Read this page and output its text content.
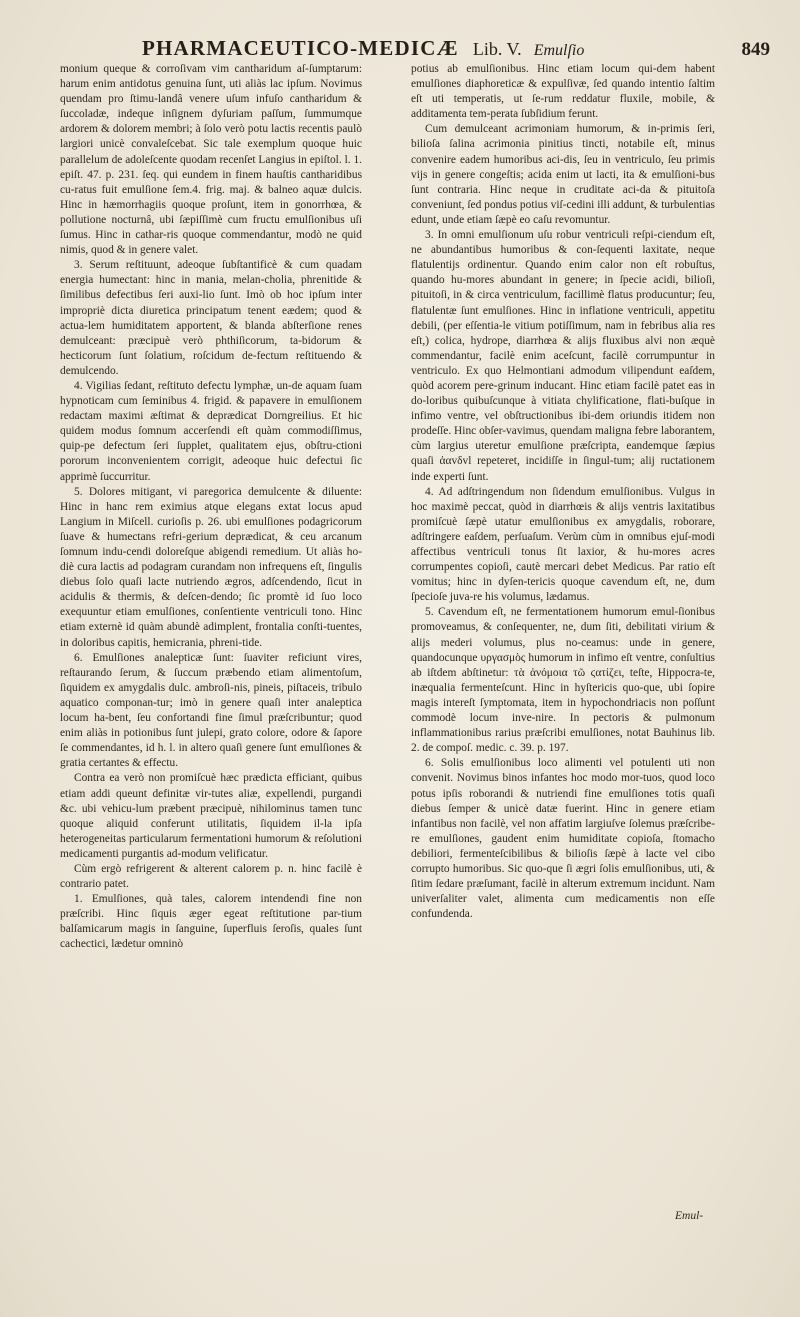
PHARMACEUTICO-MEDICÆ Lib. V. Emulſio	849

monium queque & corroſivam vim cantharidum aſ-ſumptarum: harum enim antidotus genuina ſunt, uti aliàs lac ipſum. Novimus quendam pro ſtimu-landâ venere uſum infuſo cantharidum & ſuccoladæ, indeque inſignem dyſuriam paſſum, ſummumque ardorem & dolorem membri; à ſolo verò potu lactis recentis paulò largiori unicè convaleſcebat. Sic tale exemplum quoque huic parallelum de adoleſcente quodam recenſet Langius in epiſtol. l. 1. epiſt. 47. p. 231. ſeq. qui eundem in finem hauſtis cantharidibus cu-ratus fuit emulſione ſem.4. frig. maj. & balneo aquæ dulcis. Hinc in hæmorrhagiis quoque proſunt, item in gonorrhœa, & pollutione nocturnâ, ubi ſæpiſſimè cum fructu emulſionibus uſi ſumus. Hinc in cathar-ris quoque commendantur, modò ne quid nimis, quod & in genere valet.

3. Serum reſtituunt, adeoque ſubſtantificè & cum quadam energia humectant: hinc in mania, melan-cholia, phrenitide & ſimilibus defectibus ſeri auxi-lio ſunt. Imò ob hoc ipſum inter impropriè dicta diuretica principatum tenent eædem; quod & actua-lem humiditatem apportent, & blanda abſterſione renes demulceant: præcipuè verò phthiſicorum, ta-bidorum & hecticorum ſunt ſolatium, roſcidum de-fectum reſtituendo & demulcendo.

4. Vigilias ſedant, reſtituto defectu lymphæ, un-de aquam ſuam hypnoticam cum ſeminibus 4. frigid. & papavere in emulſionem redactam maximi æſtimat & deprædicat Dorngreilius. Et hic quidem modus ſomnum accerſendi eſt quàm commodiſſimus, quip-pe defectum ſeri ſupplet, qualitatem ejus, obſtru-ctioni pororum inconvenientem corrigit, adeoque huic defectui ſic apprimè ſuccurritur.

5. Dolores mitigant, vi paregorica demulcente & diluente: Hinc in hanc rem eximius atque elegans extat locus apud Langium in Miſcell. curioſis p. 26. ubi emulſiones podagricorum ſuave & humectans refri-gerium deprædicat, & ceu arcanum ſomnum indu-cendi doloreſque abigendi remedium. Ut aliàs ho-diè cura lactis ad podagram curandam non infrequens eſt, ſingulis diebus ſolo quaſi lacte nutriendo ægros, adſcendendo, ſicut in acidulis & thermis, & deſcen-dendo; ſic promtè id ſuo loco exequuntur etiam emulſiones, conſentiente ventriculi tono. Hinc etiam externè id quàm abundè adimplent, frontalia conſti-tuentes, in doloribus capitis, hemicrania, phreni-tide.

6. Emulſiones analepticæ ſunt: ſuaviter reficiunt vires, reſtaurando ſerum, & ſuccum præbendo etiam alimentoſum, ſiquidem ex amygdalis dulc. ambroſi-nis, pineis, piſtaceis, tribulo aquatico componan-tur; imò in genere quaſi inter analeptica locum ha-bent, ſeu confortandi fine ſimul præſcribuntur; quod enim aliàs in potionibus ſunt julepi, grato colore, odore & ſapore ſe commendantes, id h. l. in altero quaſi genere ſunt emulſiones & gratia certantes & effectu.

Contra ea verò non promiſcuè hæc prædicta efficiant, quibus etiam addi queunt definitæ vir-tutes aliæ, expellendi, purgandi &c. ubi vehicu-lum præbent præcipuè, nihilominus tamen tunc quoque aliquid conferunt utilitatis, ſiquidem il-la ipſa heterogeneitas particularum fermentationi humorum & reſolutioni medicamenti purgantis ad-modum velificatur.

Cùm ergò refrigerent & alterent calorem p. n. hinc facilè è contrario patet.

1. Emulſiones, quà tales, calorem intendendi fine non præſcribi. Hinc ſiquis æger egeat reſtitutione par-tium balſamicarum magis in ſanguine, ſuperfluis ſeroſis, quales ſunt cachectici, lædetur omninò

potius ab emulſionibus. Hinc etiam locum qui-dem habent emulſiones diaphoreticæ & expulſivæ, ſed quando intentio ſaltim eſt uti temperatis, ut ſe-rum reddatur fluxile, mobile, & additamenta tem-perata ſubſidium ferunt.

Cum demulceant acrimoniam humorum, & in-primis ſeri, bilioſa ſalina acrimonia pinitius tincti, notabile eſt, minus convenire eadem humoribus aci-dis, ſeu in ventriculo, ſeu primis vijs in genere congeſtis; acida enim ut lacti, ita & emulſioni-bus ſunt contraria. Hinc neque in cruditate aci-da & pituitoſa conveniunt, ſed pondus potius viſ-cedini illi addunt, & turbulentias edunt, unde etiam ſæpè eo caſu revomuntur.

3. In omni emulſionum uſu robur ventriculi reſpi-ciendum eſt, ne abundantibus humoribus & con-ſequenti laxitate, neque flatulentijs ordinentur. Quando enim calor non eſt robuſtus, quando hu-mores abundant in genere; in ſpecie acidi, bilioſi, pituitoſi, in & circa ventriculum, facillimè flatus producuntur; ſeu, flatulentæ ſunt emulſiones. Hinc in inflatione ventriculi, appetitu debili, (per eſſentia-le vitium potiſſimum, nam in febribus alia res eſt,) colica, hydrope, diarrhœa & alijs fluxibus alvi non æquè commendantur, facilè enim aceſcunt, facilè corrumpuntur in ventriculo. Ex quo Helmontiani admodum vilipendunt eaſdem, quòd acorem pere-grinum inducant. Hinc etiam facilè patet eas in do-loribus quibuſcunque à vitiata chylificatione, flati-buſque in infimo ventre, vel obſtructionibus ibi-dem oriundis itidem non prodeſſe. Hinc obſer-vavimus, quendam maligna febre laborantem, cùm largius uteretur emulſione præſcripta, eandemque ſæpius quaſi ἀαvδvl repeteret, incidiſſe in ſingul-tum; alij ructationem inde experti ſunt.

4. Ad adſtringendum non ſidendum emulſionibus. Vulgus in hoc maximè peccat, quòd in diarrhœis & alijs ventris laxitatibus promiſcuè ſæpè utatur emulſionibus ex amygdalis, roborare, adſtringere eaſdem, perſuaſum. Verùm cùm in omnibus ejuſ-modi affectibus ventriculi tonus ſit laxior, & hu-mores acres corrumpentes copioſi, cautè mercari debet Medicus. Par ratio eſt vomitus; hinc in dyſen-tericis quoque cavendum eſt, ne, dum ſpecioſe juva-re his volumus, lædamus.

5. Cavendum eſt, ne fermentationem humorum emul-ſionibus promoveamus, & conſequenter, ne, dum ſiti, debilitati virium & alijs mederi volumus, plus no-ceamus: unde in genere, quandocunque υργασμὸς humorum in infimo eſt ventre, conſultius ab iſtdem abſtinetur: τὰ ἀνόμοια τῶ ϛατίζει, teſte, Hippocra-te, inæqualia fermenteſcunt. Hinc in hyſtericis quo-que, ubi ſopire magis intereſt ſymptomata, item in hypochondriacis non poſſunt commodè locum inve-nire. In pectoris & pulmonum inflammationibus rarius præſcribi emulſiones, notat Bauhinus lib. 2. de compoſ. medic. c. 39. p. 197.

6. Solis emulſionibus loco alimenti vel potulenti uti non convenit. Novimus binos infantes hoc modo mor-tuos, quod loco potus ipſis roborandi & nutriendi fine emulſiones totis quaſi diebus ſemper & unicè datæ fuerint. Hinc in genere etiam infantibus non facilè, vel non affatim largiuſve ſolemus præſcribe-re emulſiones, gaudent enim humiditate copioſa, ſtomacho debiliori, fermenteſcibilibus & bilioſis ſæpè à lacte vel cibo corrupto humoribus. Sic quo-que ſi ægri ſolis emulſionibus, uti, & ſitim ſedare præſumant, facilè in alterum extremum incidunt. Nam univerſaliter valet, alimenta cum medicamentis non eſſe confundenda.

Emul-
